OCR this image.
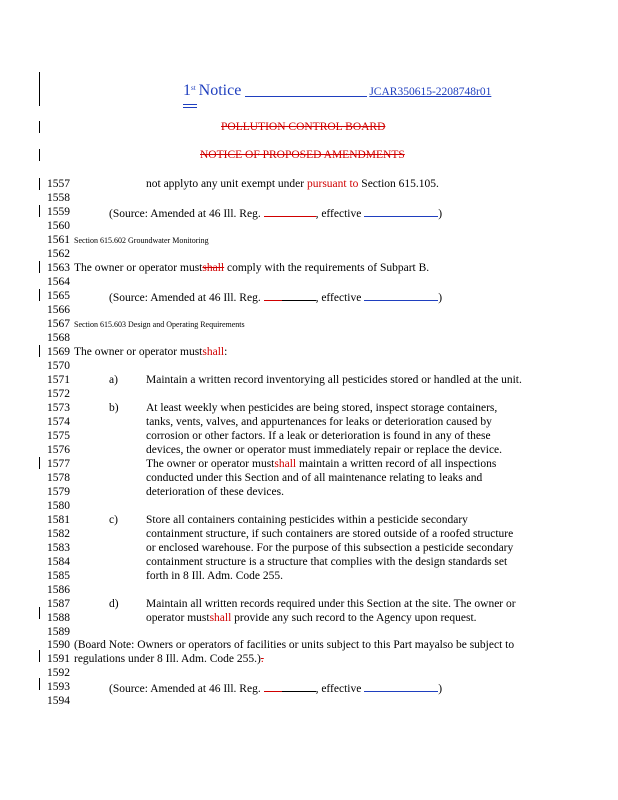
1st Notice	JCAR350615-2208748r01
POLLUTION CONTROL BOARD
NOTICE OF PROPOSED AMENDMENTS
1557	not applyto any unit exempt under pursuant to Section 615.105.
1558
1559	(Source: Amended at 46 Ill. Reg.	, effective	)
1560
1561 Section 615.602 Groundwater Monitoring
1562
1563 The owner or operator mustshall comply with the requirements of Subpart B.
1564
1565	(Source: Amended at 46 Ill. Reg.	, effective	)
1566
1567 Section 615.603 Design and Operating Requirements
1568
1569 The owner or operator mustshall:
1570
1571	a) Maintain a written record inventorying all pesticides stored or handled at the unit.
1572
1573	b) At least weekly when pesticides are being stored, inspect storage containers,
1574	tanks, vents, valves, and appurtenances for leaks or deterioration caused by
1575	corrosion or other factors. If a leak or deterioration is found in any of these
1576	devices, the owner or operator must immediately repair or replace the device.
1577	The owner or operator mustshall maintain a written record of all inspections
1578	conducted under this Section and of all maintenance relating to leaks and
1579	deterioration of these devices.
1580
1581	c) Store all containers containing pesticides within a pesticide secondary
1582	containment structure, if such containers are stored outside of a roofed structure
1583	or enclosed warehouse. For the purpose of this subsection a pesticide secondary
1584	containment structure is a structure that complies with the design standards set
1585	forth in 8 Ill. Adm. Code 255.
1586
1587	d) Maintain all written records required under this Section at the site. The owner or
1588	operator mustshall provide any such record to the Agency upon request.
1589
1590 (Board Note: Owners or operators of facilities or units subject to this Part mayalso be subject to
1591 regulations under 8 Ill. Adm. Code 255.).
1592
1593	(Source: Amended at 46 Ill. Reg.	, effective	)
1594
